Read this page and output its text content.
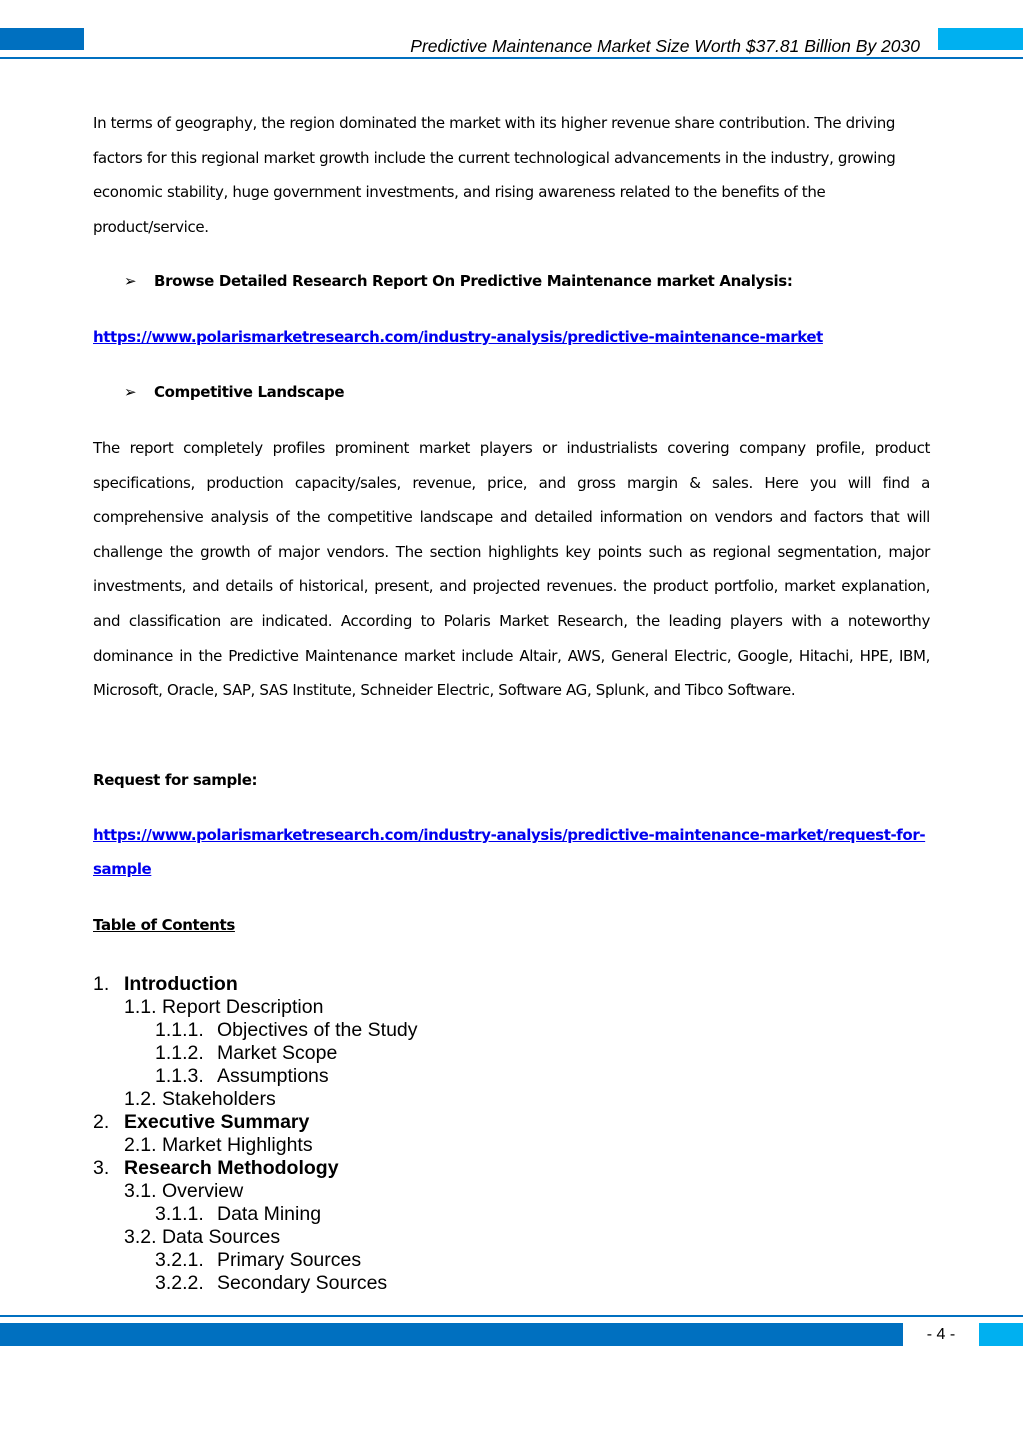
Predictive Maintenance Market Size Worth $37.81 Billion By 2030
In terms of geography, the region dominated the market with its higher revenue share contribution. The driving factors for this regional market growth include the current technological advancements in the industry, growing economic stability, huge government investments, and rising awareness related to the benefits of the product/service.
➢ Browse Detailed Research Report On Predictive Maintenance market Analysis:
https://www.polarismarketresearch.com/industry-analysis/predictive-maintenance-market
➢ Competitive Landscape
The report completely profiles prominent market players or industrialists covering company profile, product specifications, production capacity/sales, revenue, price, and gross margin & sales. Here you will find a comprehensive analysis of the competitive landscape and detailed information on vendors and factors that will challenge the growth of major vendors. The section highlights key points such as regional segmentation, major investments, and details of historical, present, and projected revenues. the product portfolio, market explanation, and classification are indicated. According to Polaris Market Research, the leading players with a noteworthy dominance in the Predictive Maintenance market include Altair, AWS, General Electric, Google, Hitachi, HPE, IBM, Microsoft, Oracle, SAP, SAS Institute, Schneider Electric, Software AG, Splunk, and Tibco Software.
Request for sample:
https://www.polarismarketresearch.com/industry-analysis/predictive-maintenance-market/request-for-
sample
Table of Contents
1. Introduction
1.1. Report Description
1.1.1. Objectives of the Study
1.1.2. Market Scope
1.1.3. Assumptions
1.2. Stakeholders
2. Executive Summary
2.1. Market Highlights
3. Research Methodology
3.1. Overview
3.1.1. Data Mining
3.2. Data Sources
3.2.1. Primary Sources
3.2.2. Secondary Sources
- 4 -
